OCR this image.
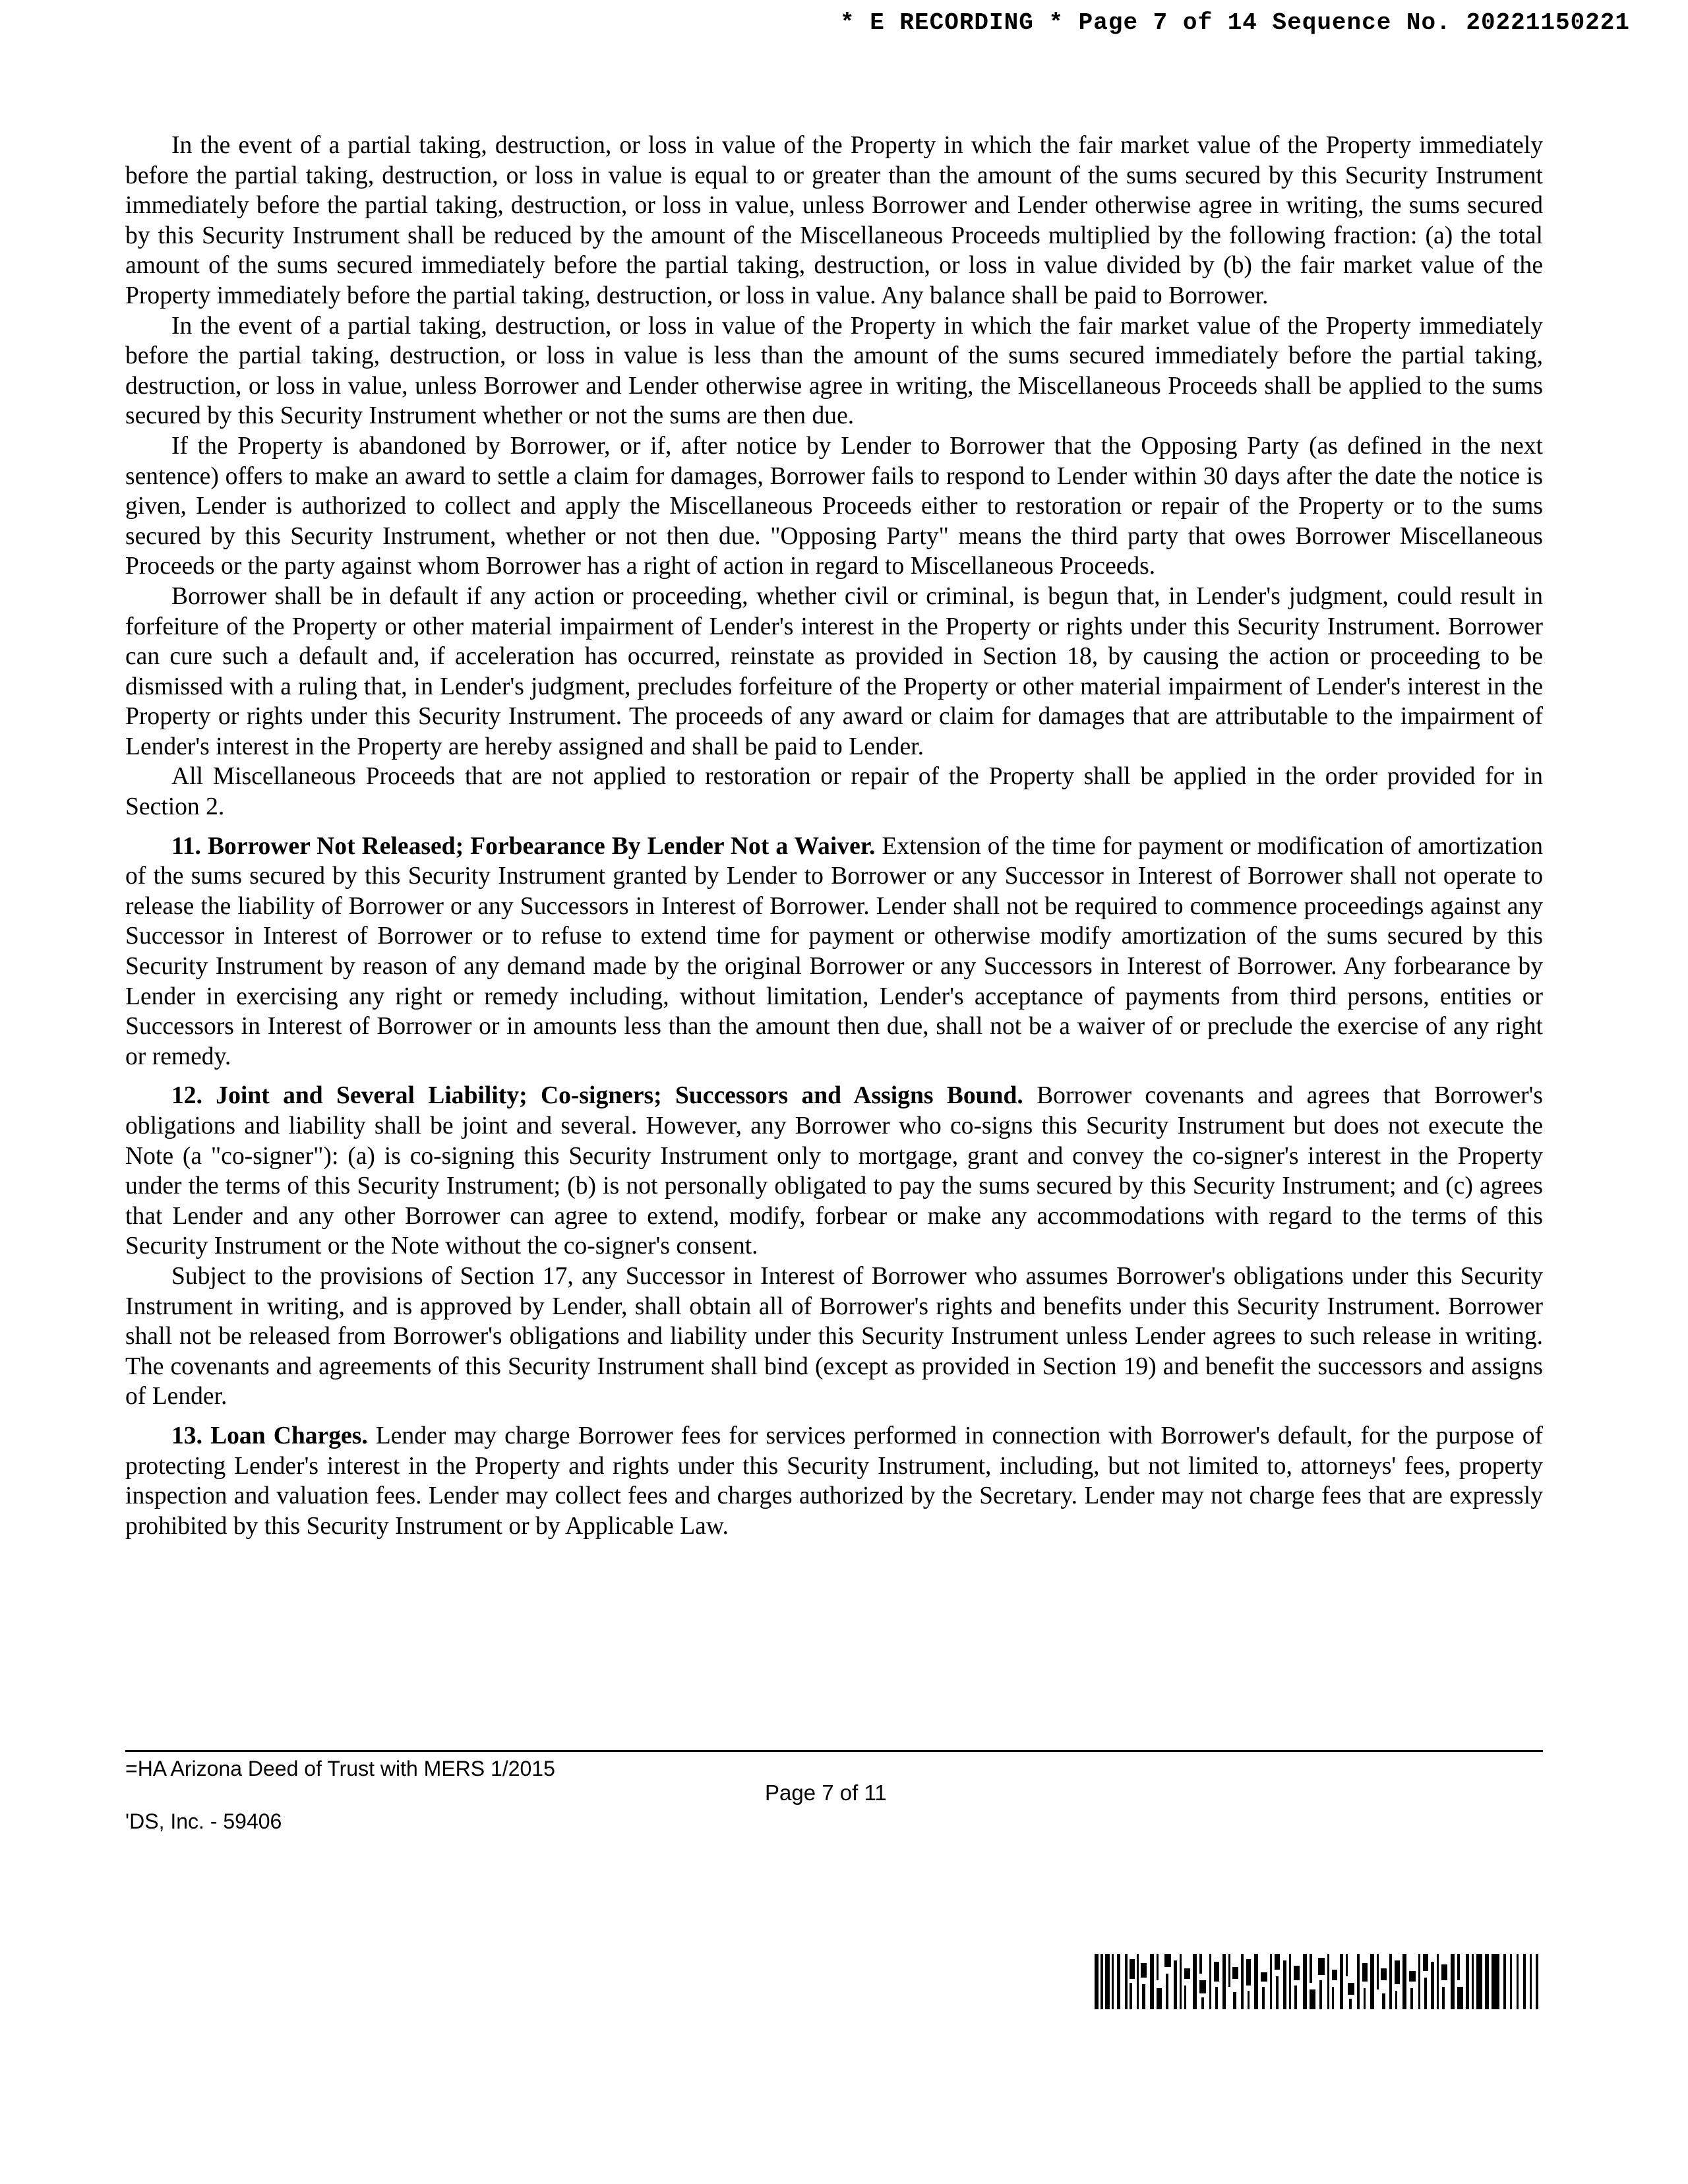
* E RECORDING * Page 7 of 14 Sequence No. 20221150221

In the event of a partial taking, destruction, or loss in value of the Property in which the fair market value of the Property immediately before the partial taking, destruction, or loss in value is equal to or greater than the amount of the sums secured by this Security Instrument immediately before the partial taking, destruction, or loss in value, unless Borrower and Lender otherwise agree in writing, the sums secured by this Security Instrument shall be reduced by the amount of the Miscellaneous Proceeds multiplied by the following fraction: (a) the total amount of the sums secured immediately before the partial taking, destruction, or loss in value divided by (b) the fair market value of the Property immediately before the partial taking, destruction, or loss in value. Any balance shall be paid to Borrower.

In the event of a partial taking, destruction, or loss in value of the Property in which the fair market value of the Property immediately before the partial taking, destruction, or loss in value is less than the amount of the sums secured immediately before the partial taking, destruction, or loss in value, unless Borrower and Lender otherwise agree in writing, the Miscellaneous Proceeds shall be applied to the sums secured by this Security Instrument whether or not the sums are then due.

If the Property is abandoned by Borrower, or if, after notice by Lender to Borrower that the Opposing Party (as defined in the next sentence) offers to make an award to settle a claim for damages, Borrower fails to respond to Lender within 30 days after the date the notice is given, Lender is authorized to collect and apply the Miscellaneous Proceeds either to restoration or repair of the Property or to the sums secured by this Security Instrument, whether or not then due. "Opposing Party" means the third party that owes Borrower Miscellaneous Proceeds or the party against whom Borrower has a right of action in regard to Miscellaneous Proceeds.

Borrower shall be in default if any action or proceeding, whether civil or criminal, is begun that, in Lender's judgment, could result in forfeiture of the Property or other material impairment of Lender's interest in the Property or rights under this Security Instrument. Borrower can cure such a default and, if acceleration has occurred, reinstate as provided in Section 18, by causing the action or proceeding to be dismissed with a ruling that, in Lender's judgment, precludes forfeiture of the Property or other material impairment of Lender's interest in the Property or rights under this Security Instrument. The proceeds of any award or claim for damages that are attributable to the impairment of Lender's interest in the Property are hereby assigned and shall be paid to Lender.

All Miscellaneous Proceeds that are not applied to restoration or repair of the Property shall be applied in the order provided for in Section 2.

11. Borrower Not Released; Forbearance By Lender Not a Waiver. Extension of the time for payment or modification of amortization of the sums secured by this Security Instrument granted by Lender to Borrower or any Successor in Interest of Borrower shall not operate to release the liability of Borrower or any Successors in Interest of Borrower. Lender shall not be required to commence proceedings against any Successor in Interest of Borrower or to refuse to extend time for payment or otherwise modify amortization of the sums secured by this Security Instrument by reason of any demand made by the original Borrower or any Successors in Interest of Borrower. Any forbearance by Lender in exercising any right or remedy including, without limitation, Lender's acceptance of payments from third persons, entities or Successors in Interest of Borrower or in amounts less than the amount then due, shall not be a waiver of or preclude the exercise of any right or remedy.

12. Joint and Several Liability; Co-signers; Successors and Assigns Bound. Borrower covenants and agrees that Borrower's obligations and liability shall be joint and several. However, any Borrower who co-signs this Security Instrument but does not execute the Note (a "co-signer"): (a) is co-signing this Security Instrument only to mortgage, grant and convey the co-signer's interest in the Property under the terms of this Security Instrument; (b) is not personally obligated to pay the sums secured by this Security Instrument; and (c) agrees that Lender and any other Borrower can agree to extend, modify, forbear or make any accommodations with regard to the terms of this Security Instrument or the Note without the co-signer's consent.

Subject to the provisions of Section 17, any Successor in Interest of Borrower who assumes Borrower's obligations under this Security Instrument in writing, and is approved by Lender, shall obtain all of Borrower's rights and benefits under this Security Instrument. Borrower shall not be released from Borrower's obligations and liability under this Security Instrument unless Lender agrees to such release in writing. The covenants and agreements of this Security Instrument shall bind (except as provided in Section 19) and benefit the successors and assigns of Lender.

13. Loan Charges. Lender may charge Borrower fees for services performed in connection with Borrower's default, for the purpose of protecting Lender's interest in the Property and rights under this Security Instrument, including, but not limited to, attorneys' fees, property inspection and valuation fees. Lender may collect fees and charges authorized by the Secretary. Lender may not charge fees that are expressly prohibited by this Security Instrument or by Applicable Law.

=HA Arizona Deed of Trust with MERS 1/2015
Page 7 of 11
'DS, Inc. - 59406
